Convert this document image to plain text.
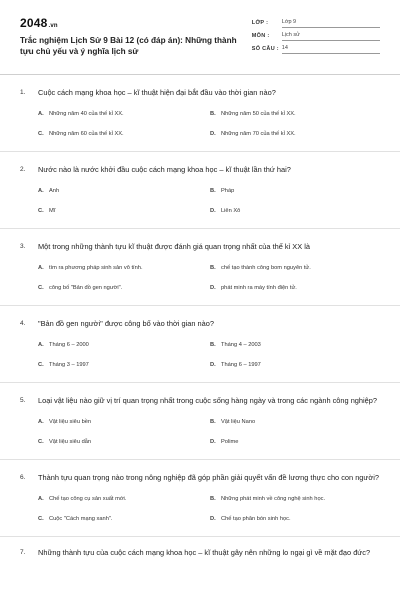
2048.vn
Trắc nghiệm Lịch Sử 9 Bài 12 (có đáp án): Những thành tựu chủ yếu và ý nghĩa lịch sử
LỚP :	Lớp 9
MÔN :	Lịch sử
SỐ CÂU : 14
1. Cuộc cách mạng khoa học – kĩ thuật hiện đại bắt đầu vào thời gian nào?
A. Những năm 40 của thế kỉ XX.	B. Những năm 50 của thế kỉ XX.
C. Những năm 60 của thế kỉ XX.	D. Những năm 70 của thế kỉ XX.
2. Nước nào là nước khởi đầu cuộc cách mạng khoa học – kĩ thuật lần thứ hai?
A. Anh	B. Pháp
C. Mĩ	D. Liên Xô
3. Một trong những thành tựu kĩ thuật được đánh giá quan trọng nhất của thế kỉ XX là
A. tìm ra phương pháp sinh sản vô tính.	B. chế tạo thành công bom nguyên tử.
C. công bố "Bản đồ gen người".	D. phát minh ra máy tính điện tử.
4. "Bản đồ gen người" được công bố vào thời gian nào?
A. Tháng 6 – 2000	B. Tháng 4 – 2003
C. Tháng 3 – 1997	D. Tháng 6 – 1997
5. Loại vật liệu nào giữ vị trí quan trọng nhất trong cuộc sống hàng ngày và trong các ngành công nghiệp?
A. Vật liệu siêu bền	B. Vật liệu Nano
C. Vật liệu siêu dẫn	D. Polime
6. Thành tựu quan trọng nào trong nông nghiệp đã góp phần giải quyết vấn đề lương thực cho con người?
A. Chế tạo công cụ sản xuất mới.	B. Những phát minh về công nghệ sinh học.
C. Cuộc "Cách mạng xanh".	D. Chế tạo phân bón sinh học.
7. Những thành tựu của cuộc cách mạng khoa học – kĩ thuật gây nên những lo ngại gì về mặt đạo đức?
